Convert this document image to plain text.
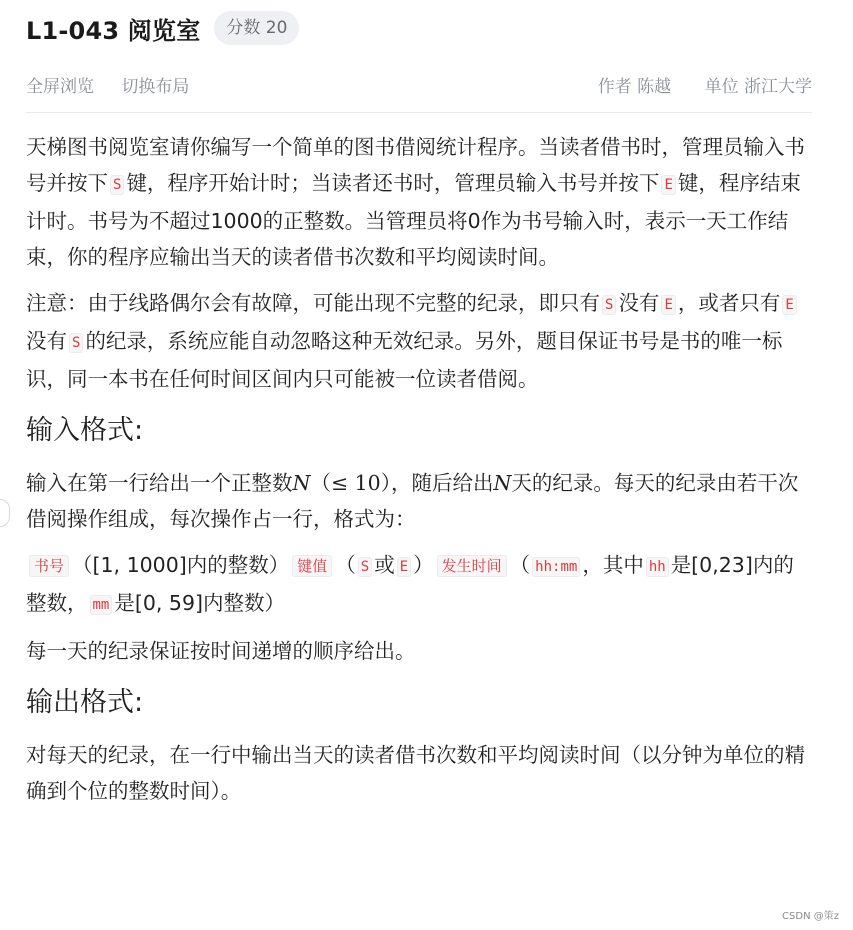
L1-043 阅览室	分数 20
全屏浏览 切换布局	作者 陈越 单位 浙江大学

天梯图书阅览室请你编写一个简单的图书借阅统计程序。当读者借书时，管理员输入书号并按下 S 键，程序开始计时；当读者还书时，管理员输入书号并按下 E 键，程序结束计时。书号为不超过1000的正整数。当管理员将0作为书号输入时，表示一天工作结束，你的程序应输出当天的读者借书次数和平均阅读时间。

注意：由于线路偶尔会有故障，可能出现不完整的纪录，即只有 S 没有 E ，或者只有 E没有 S 的纪录，系统应能自动忽略这种无效纪录。另外，题目保证书号是书的唯一标识，同一本书在任何时间区间内只可能被一位读者借阅。

输入格式:

输入在第一行给出一个正整数N（≤ 10），随后给出N天的纪录。每天的纪录由若干次借阅操作组成，每次操作占一行，格式为：

书号 （[1, 1000]内的整数） 键值 （ S 或 E ） 发生时间 （ hh:mm ，其中 hh 是[0,23]内的整数， mm 是[0, 59]内整数）

每一天的纪录保证按时间递增的顺序给出。

输出格式:

对每天的纪录，在一行中输出当天的读者借书次数和平均阅读时间（以分钟为单位的精确到个位的整数时间）。

CSDN @策z
